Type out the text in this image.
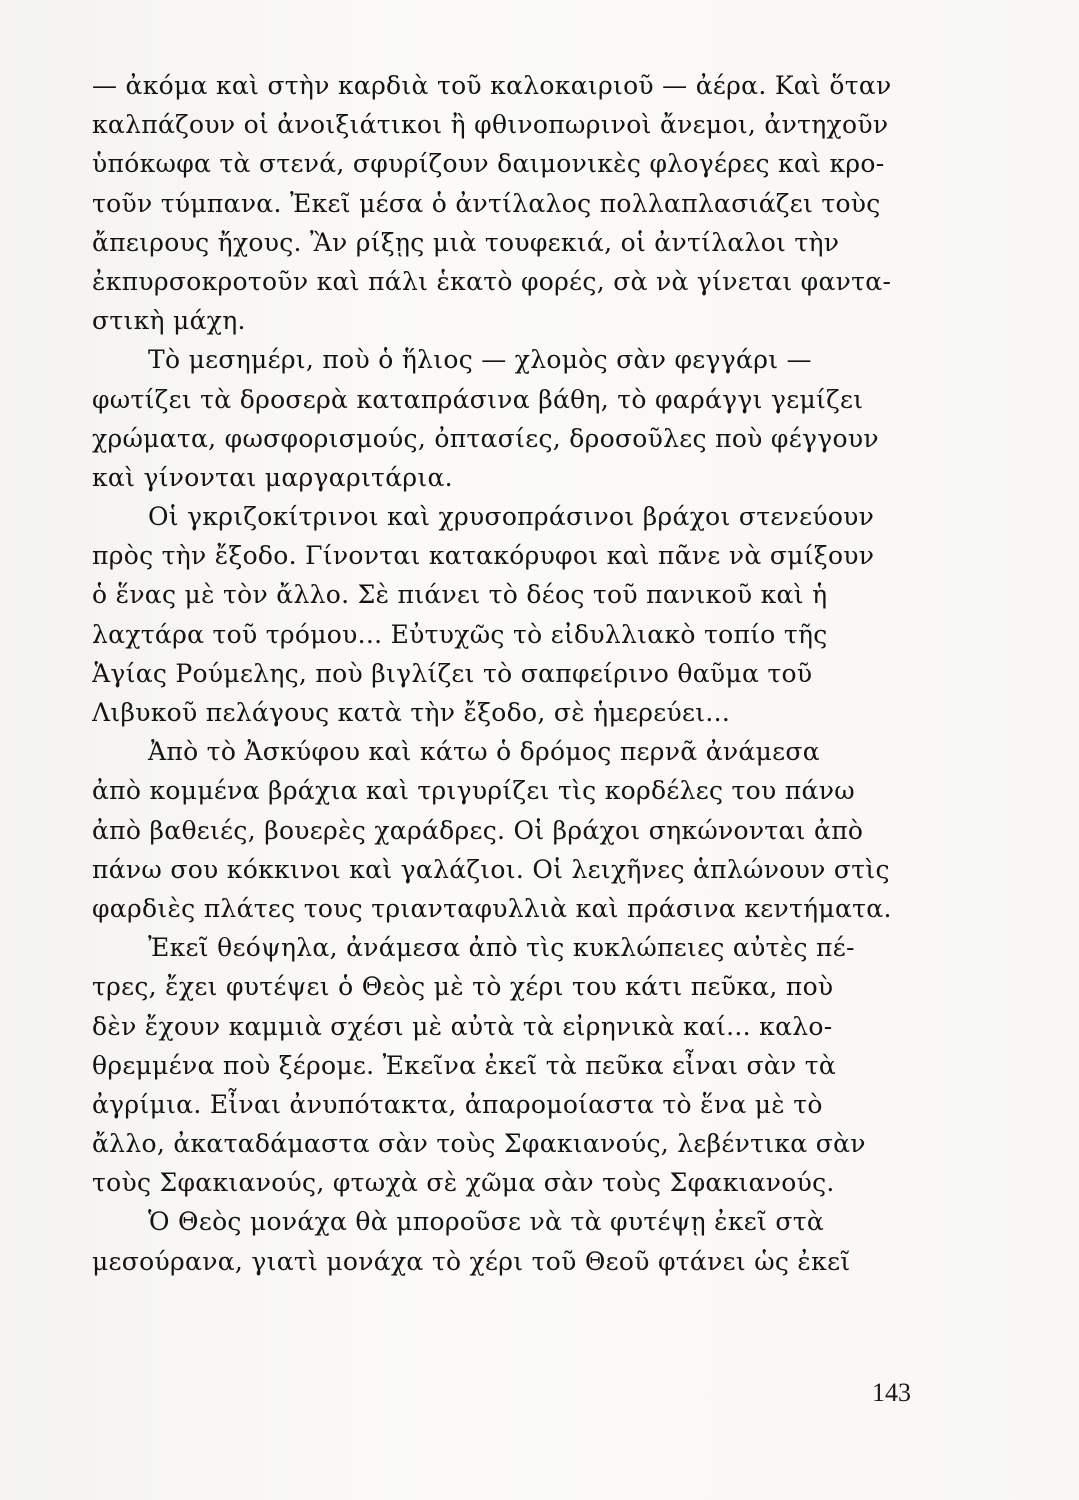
— ἀκόμα καὶ στὴν καρδιὰ τοῦ καλοκαιριοῦ — ἀέρα. Καὶ ὅταν
καλπάζουν οἱ ἀνοιξιάτικοι ἢ φθινοπωρινοὶ ἄνεμοι, ἀντηχοῦν
ὑπόκωφα τὰ στενά, σφυρίζουν δαιμονικὲς φλογέρες καὶ κρο-
τοῦν τύμπανα. Ἐκεῖ μέσα ὁ ἀντίλαλος πολλαπλασιάζει τοὺς
ἄπειρους ἤχους. Ἂν ρίξῃς μιὰ τουφεκιά, οἱ ἀντίλαλοι τὴν
ἐκπυρσοκροτοῦν καὶ πάλι ἑκατὸ φορές, σὰ νὰ γίνεται φαντα-
στικὴ μάχη.
Τὸ μεσημέρι, ποὺ ὁ ἥλιος — χλομὸς σὰν φεγγάρι —
φωτίζει τὰ δροσερὰ καταπράσινα βάθη, τὸ φαράγγι γεμίζει
χρώματα, φωσφορισμούς, ὀπτασίες, δροσοῦλες ποὺ φέγγουν
καὶ γίνονται μαργαριτάρια.
Οἱ γκριζοκίτρινοι καὶ χρυσοπράσινοι βράχοι στενεύουν
πρὸς τὴν ἔξοδο. Γίνονται κατακόρυφοι καὶ πᾶνε νὰ σμίξουν
ὁ ἕνας μὲ τὸν ἄλλο. Σὲ πιάνει τὸ δέος τοῦ πανικοῦ καὶ ἡ
λαχτάρα τοῦ τρόμου... Εὐτυχῶς τὸ εἰδυλλιακὸ τοπίο τῆς
Ἁγίας Ρούμελης, ποὺ βιγλίζει τὸ σαπφείρινο θαῦμα τοῦ
Λιβυκοῦ πελάγους κατὰ τὴν ἔξοδο, σὲ ἡμερεύει...
Ἀπὸ τὸ Ἀσκύφου καὶ κάτω ὁ δρόμος περνᾶ ἀνάμεσα
ἀπὸ κομμένα βράχια καὶ τριγυρίζει τὶς κορδέλες του πάνω
ἀπὸ βαθειές, βουερὲς χαράδρες. Οἱ βράχοι σηκώνονται ἀπὸ
πάνω σου κόκκινοι καὶ γαλάζιοι. Οἱ λειχῆνες ἁπλώνουν στὶς
φαρδιὲς πλάτες τους τριανταφυλλιὰ καὶ πράσινα κεντήματα.
Ἐκεῖ θεόψηλα, ἀνάμεσα ἀπὸ τὶς κυκλώπειες αὐτὲς πέ-
τρες, ἔχει φυτέψει ὁ Θεὸς μὲ τὸ χέρι του κάτι πεῦκα, ποὺ
δὲν ἔχουν καμμιὰ σχέσι μὲ αὐτὰ τὰ εἰρηνικὰ καί... καλο-
θρεμμένα ποὺ ξέρομε. Ἐκεῖνα ἐκεῖ τὰ πεῦκα εἶναι σὰν τὰ
ἀγρίμια. Εἶναι ἀνυπότακτα, ἀπαρομοίαστα τὸ ἕνα μὲ τὸ
ἄλλο, ἀκαταδάμαστα σὰν τοὺς Σφακιανούς, λεβέντικα σὰν
τοὺς Σφακιανούς, φτωχὰ σὲ χῶμα σὰν τοὺς Σφακιανούς.
Ὁ Θεὸς μονάχα θὰ μποροῦσε νὰ τὰ φυτέψῃ ἐκεῖ στὰ
μεσούρανα, γιατὶ μονάχα τὸ χέρι τοῦ Θεοῦ φτάνει ὡς ἐκεῖ
143
